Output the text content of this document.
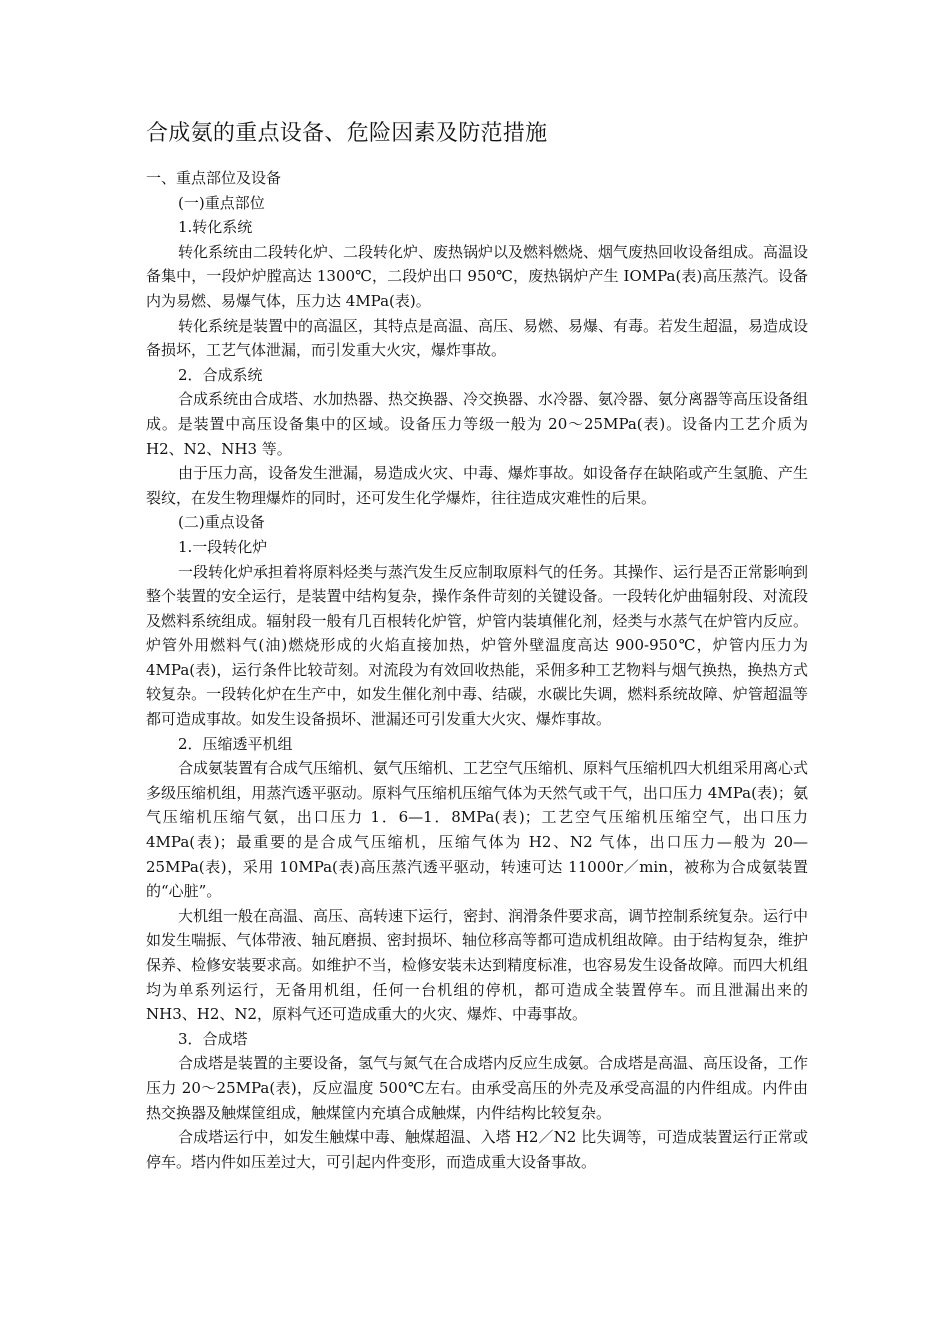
合成氨的重点设备、危险因素及防范措施

一、重点部位及设备

(一)重点部位

1.转化系统

转化系统由二段转化炉、二段转化炉、废热锅炉以及燃料燃烧、烟气废热回收设备组成。高温设备集中，一段炉炉膛高达 1300℃，二段炉出口 950℃，废热锅炉产生 IOMPa(表)高压蒸汽。设备内为易燃、易爆气体，压力达 4MPa(表)。

转化系统是装置中的高温区，其特点是高温、高压、易燃、易爆、有毒。若发生超温，易造成设备损坏，工艺气体泄漏，而引发重大火灾，爆炸事故。

2．合成系统

合成系统由合成塔、水加热器、热交换器、冷交换器、水冷器、氨冷器、氨分离器等高压设备组成。是装置中高压设备集中的区域。设备压力等级一般为 20～25MPa(表)。设备内工艺介质为 H2、N2、NH3 等。

由于压力高，设备发生泄漏，易造成火灾、中毒、爆炸事故。如设备存在缺陷或产生氢脆、产生裂纹，在发生物理爆炸的同时，还可发生化学爆炸，往往造成灾难性的后果。

(二)重点设备

1.一段转化炉

一段转化炉承担着将原料烃类与蒸汽发生反应制取原料气的任务。其操作、运行是否正常影响到整个装置的安全运行，是装置中结构复杂，操作条件苛刻的关键设备。一段转化炉曲辐射段、对流段及燃料系统组成。辐射段一般有几百根转化炉管，炉管内装填催化剂，烃类与水蒸气在炉管内反应。炉管外用燃料气(油)燃烧形成的火焰直接加热，炉管外壁温度高达 900-950℃，炉管内压力为 4MPa(表)，运行条件比较苛刻。对流段为有效回收热能，采佣多种工艺物料与烟气换热，换热方式较复杂。一段转化炉在生产中，如发生催化剂中毒、结碳，水碳比失调，燃料系统故障、炉管超温等都可造成事故。如发生设备损坏、泄漏还可引发重大火灾、爆炸事故。

2．压缩透平机组

合成氨装置有合成气压缩机、氨气压缩机、工艺空气压缩机、原料气压缩机四大机组采用离心式多级压缩机组，用蒸汽透平驱动。原料气压缩机压缩气体为天然气或干气，出口压力 4MPa(表)；氨气压缩机压缩气氨，出口压力 1．6—1．8MPa(表)；工艺空气压缩机压缩空气，出口压力 4MPa(表)；最重要的是合成气压缩机，压缩气体为 H2、N2 气体，出口压力—般为 20—25MPa(表)，采用 10MPa(表)高压蒸汽透平驱动，转速可达 11000r／min，被称为合成氨装置的“心脏”。

大机组一般在高温、高压、高转速下运行，密封、润滑条件要求高，调节控制系统复杂。运行中如发生喘振、气体带液、轴瓦磨损、密封损坏、轴位移高等都可造成机组故障。由于结构复杂，维护保养、检修安装要求高。如维护不当，检修安装未达到精度标准，也容易发生设备故障。而四大机组均为单系列运行，无备用机组，任何一台机组的停机，都可造成全装置停车。而且泄漏出来的 NH3、H2、N2，原料气还可造成重大的火灾、爆炸、中毒事故。

3．合成塔

合成塔是装置的主要设备，氢气与氮气在合成塔内反应生成氨。合成塔是高温、高压设备，工作压力 20～25MPa(表)，反应温度 500℃左右。由承受高压的外壳及承受高温的内件组成。内件由热交换器及触煤筐组成，触煤筐内充填合成触煤，内件结构比较复杂。

合成塔运行中，如发生触煤中毒、触煤超温、入塔 H2／N2 比失调等，可造成装置运行正常或停车。塔内件如压差过大，可引起内件变形，而造成重大设备事故。
